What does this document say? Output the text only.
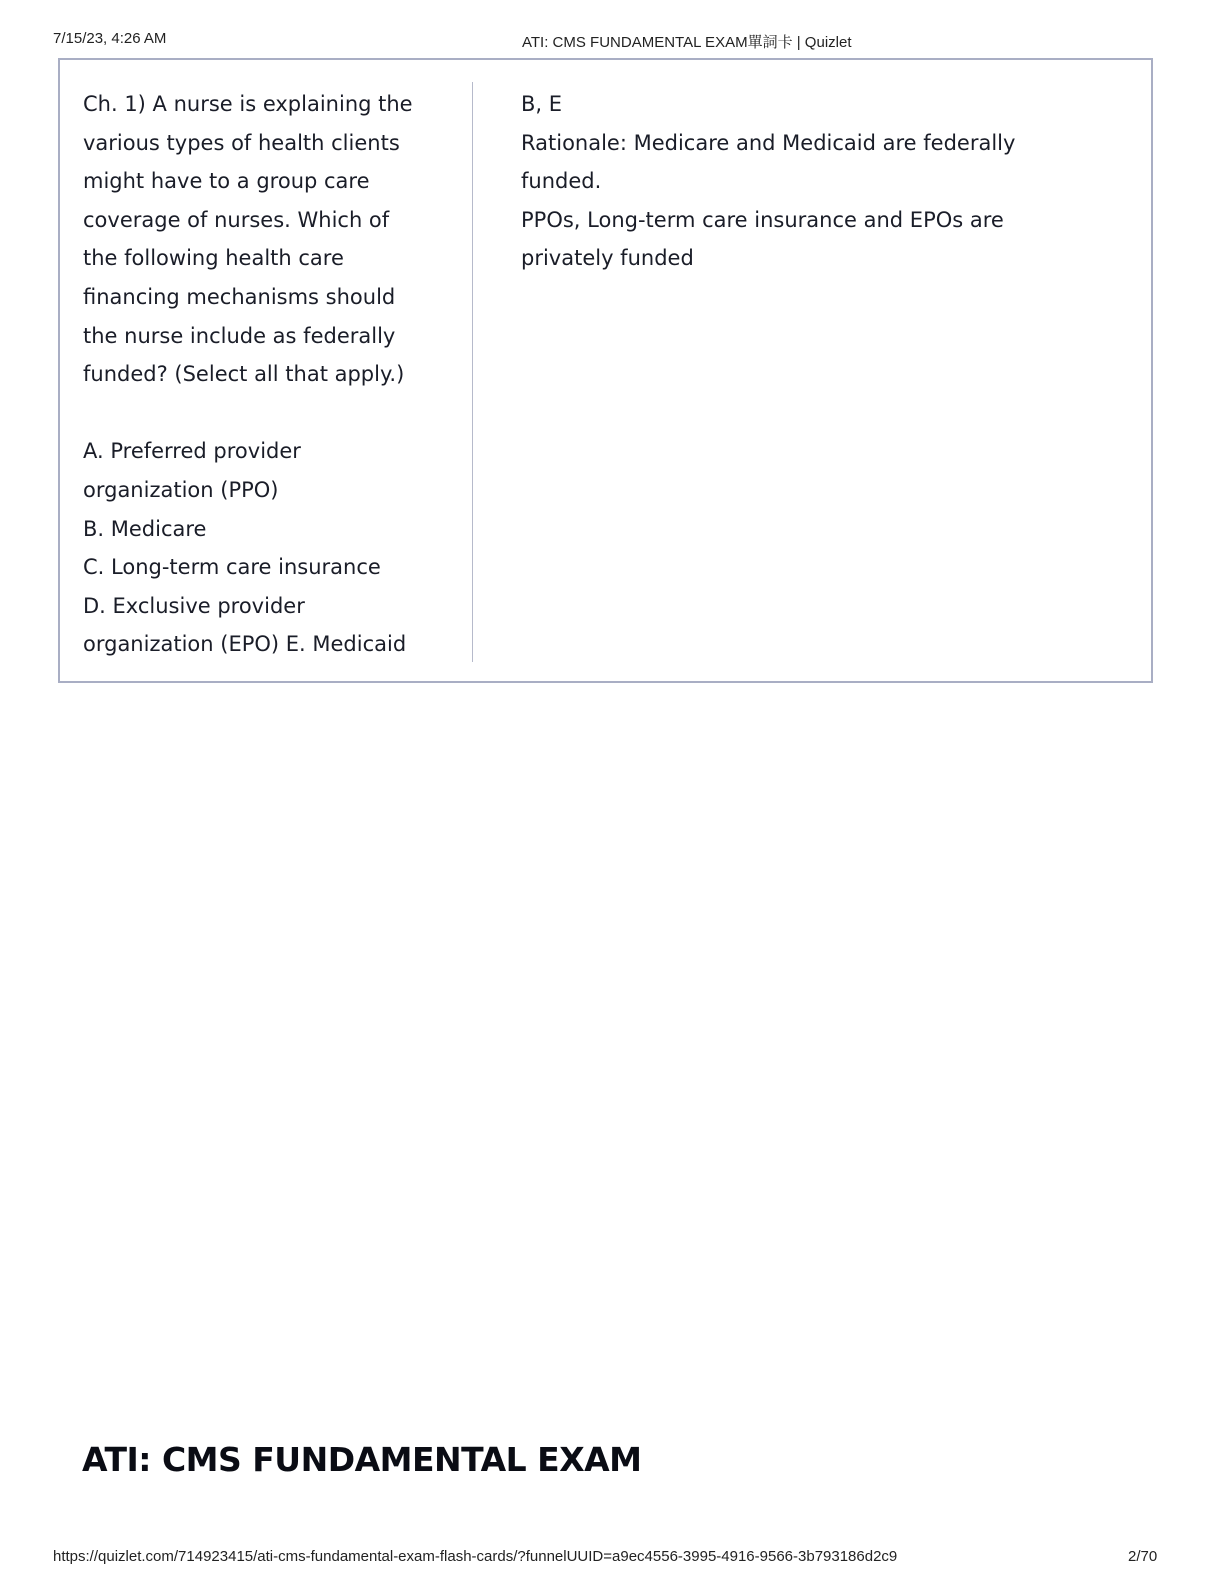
7/15/23, 4:26 AM	ATI: CMS FUNDAMENTAL EXAM單詞卡 | Quizlet
Ch. 1) A nurse is explaining the
various types of health clients
might have to a group care
coverage of nurses. Which of
the following health care
financing mechanisms should
the nurse include as federally
funded? (Select all that apply.)

A. Preferred provider
organization (PPO)
B. Medicare
C. Long-term care insurance
D. Exclusive provider
organization (EPO) E. Medicaid
B, E
Rationale: Medicare and Medicaid are federally
funded.
PPOs, Long-term care insurance and EPOs are
privately funded
ATI: CMS FUNDAMENTAL EXAM
https://quizlet.com/714923415/ati-cms-fundamental-exam-flash-cards/?funnelUUID=a9ec4556-3995-4916-9566-3b793186d2c9	2/70
